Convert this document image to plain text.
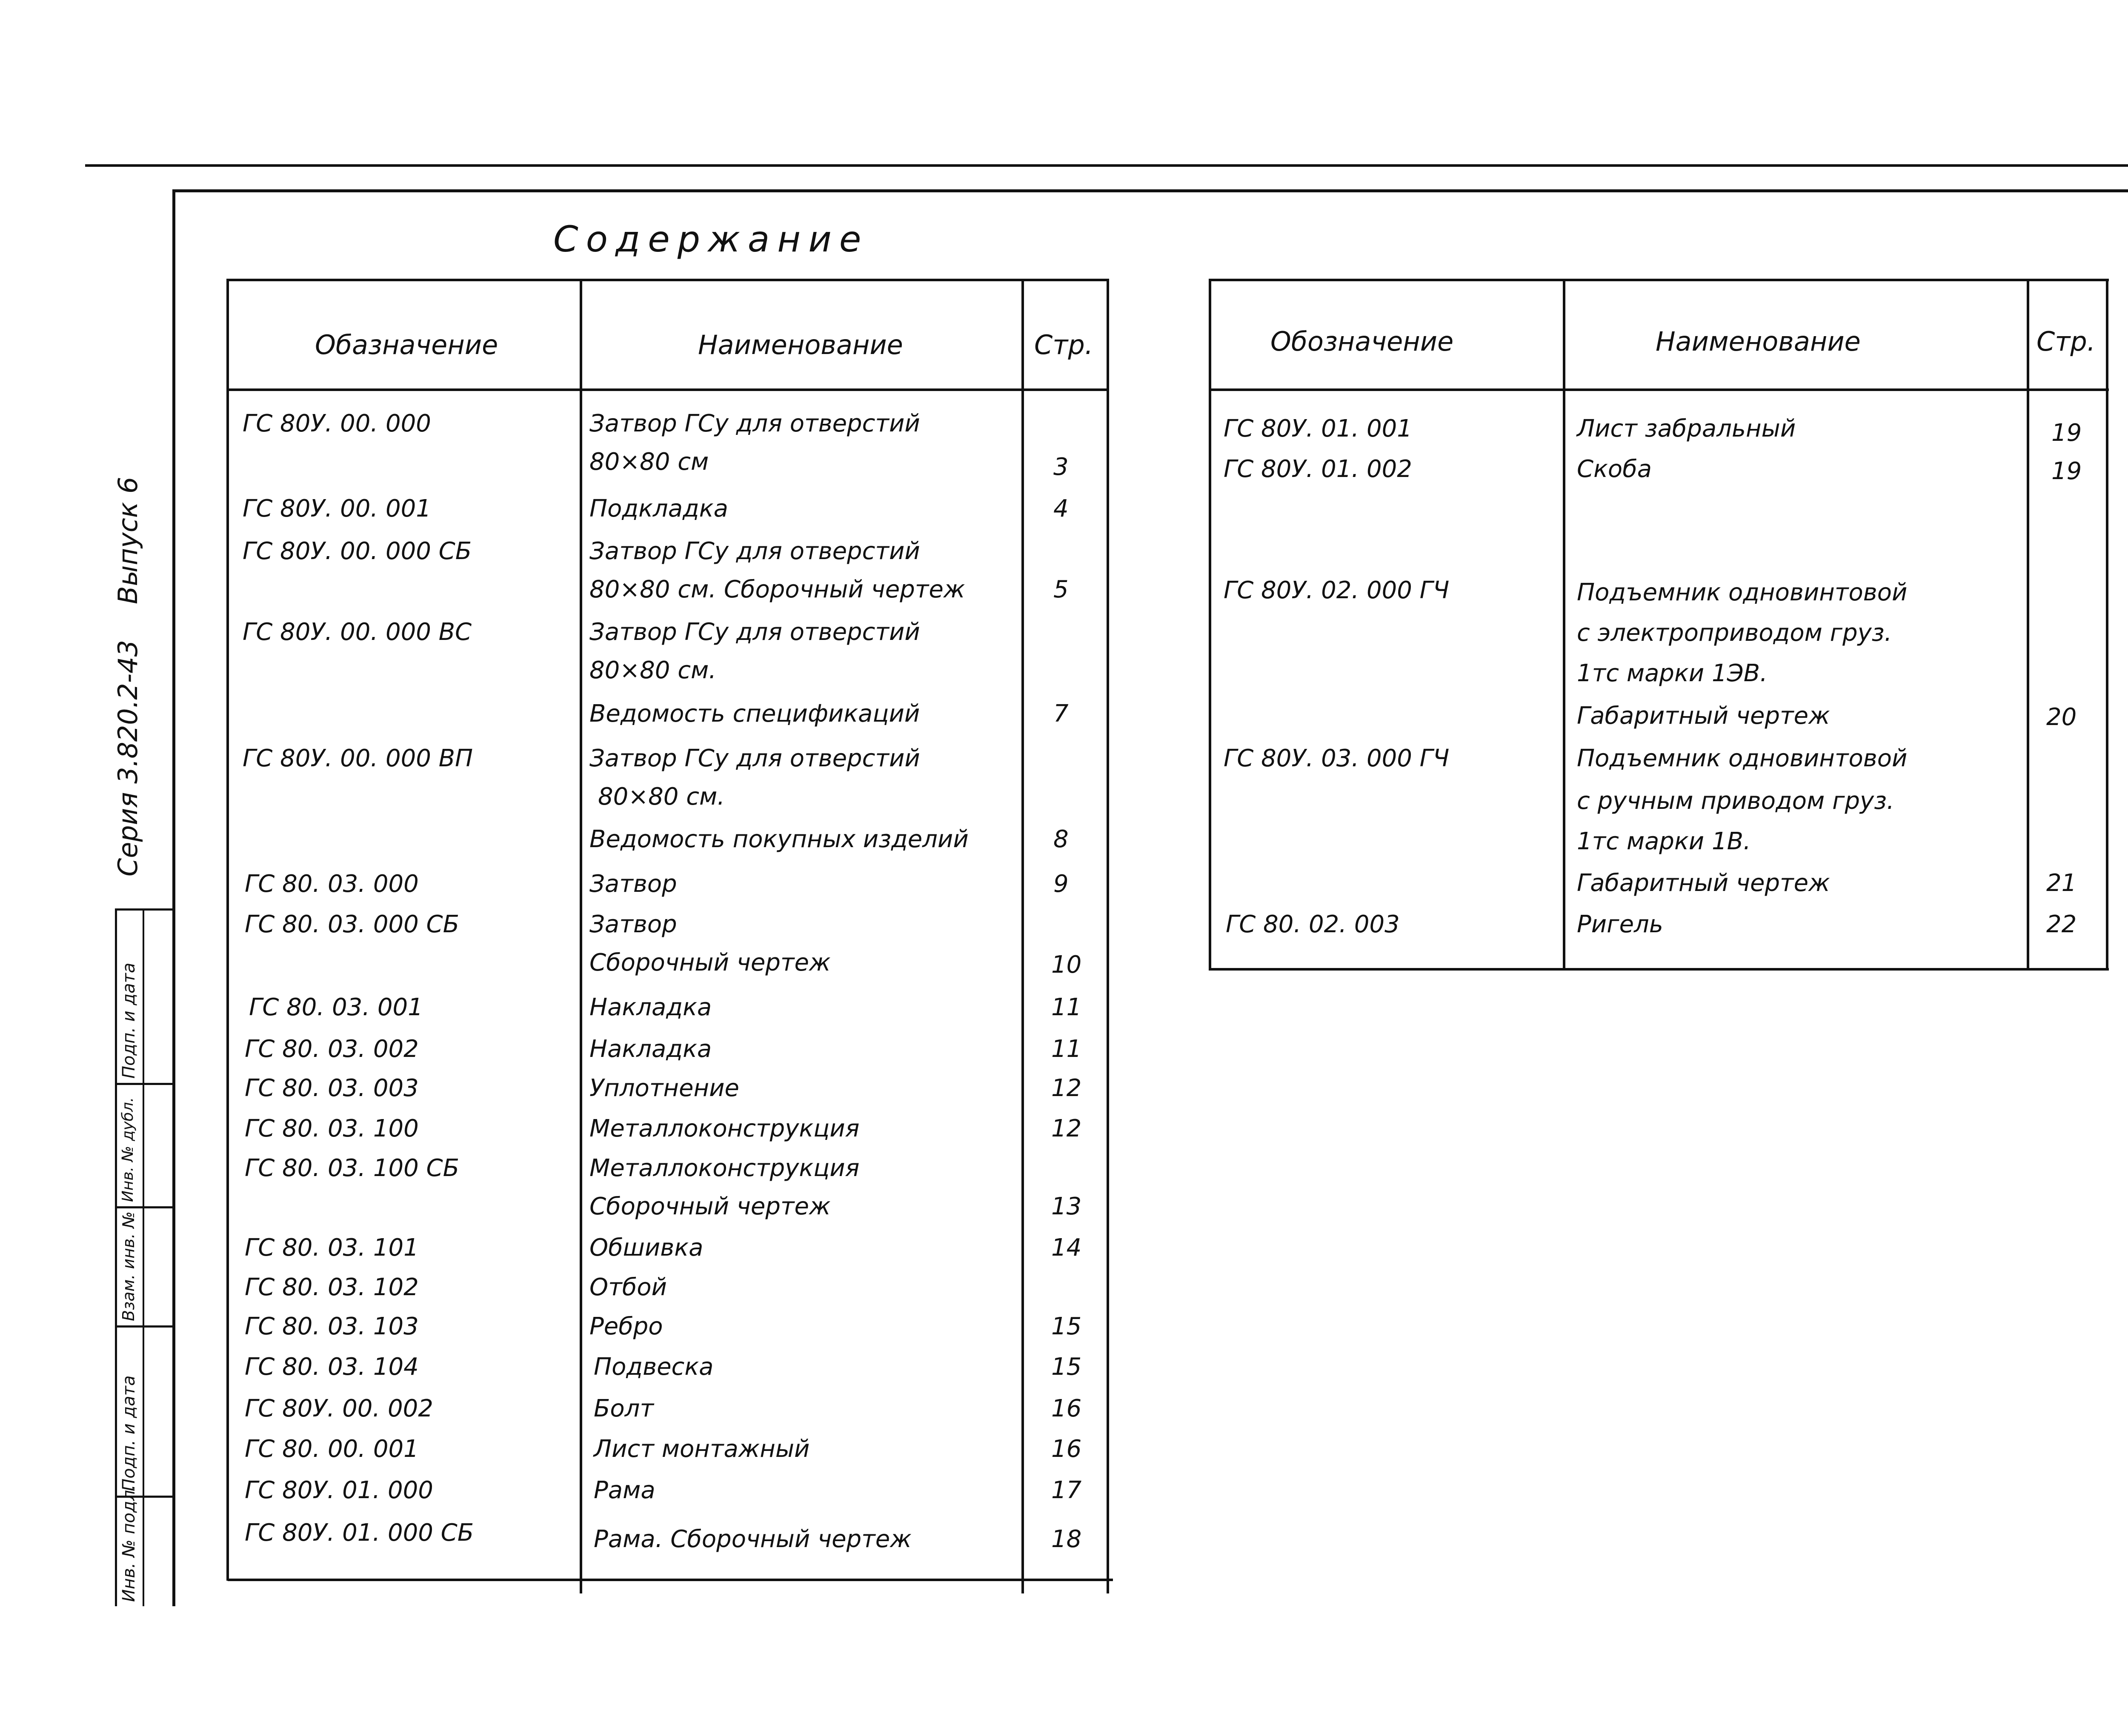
Содержание
Серия 3.820.2-43
Выпуск 6
Инв. № подл.
Подп. и дата
Взам. инв. №
Инв. № дубл.
Подп. и дата
Обазначение	Наименование	Стр.
ГС 80У. 00. 000	Затвор ГСу для отверстий
80×80 см	3
ГС 80У. 00. 001	Подкладка	4
ГС 80У. 00. 000 СБ	Затвор ГСу для отверстий
80×80 см. Сборочный чертеж	5
ГС 80У. 00. 000 ВС	Затвор ГСу для отверстий
80×80 см.
Ведомость спецификаций	7
ГС 80У. 00. 000 ВП	Затвор ГСу для отверстий
80×80 см.
Ведомость покупных изделий	8
ГС 80. 03. 000	Затвор	9
ГС 80. 03. 000 СБ	Затвор
Сборочный чертеж	10
ГС 80. 03. 001	Накладка	11
ГС 80. 03. 002	Накладка	11
ГС 80. 03. 003	Уплотнение	12
ГС 80. 03. 100	Металлоконструкция	12
ГС 80. 03. 100 СБ	Металлоконструкция
Сборочный чертеж	13
ГС 80. 03. 101	Обшивка	14
ГС 80. 03. 102	Отбой
ГС 80. 03. 103	Ребро	15
ГС 80. 03. 104	Подвеска	15
ГС 80У. 00. 002	Болт	16
ГС 80. 00. 001	Лист монтажный	16
ГС 80У. 01. 000	Рама	17
ГС 80У. 01. 000 СБ	Рама. Сборочный чертеж	18
Обозначение	Наименование	Стр.
ГС 80У. 01. 001	Лист забральный	19
ГС 80У. 01. 002	Скоба	19
ГС 80У. 02. 000 ГЧ	Подъемник одновинтовой
с электроприводом груз.
1тс марки 1ЭВ.
Габаритный чертеж	20
ГС 80У. 03. 000 ГЧ	Подъемник одновинтовой
с ручным приводом груз.
1тс марки 1В.
Габаритный чертеж	21
ГС 80. 02. 003	Ригель	22
